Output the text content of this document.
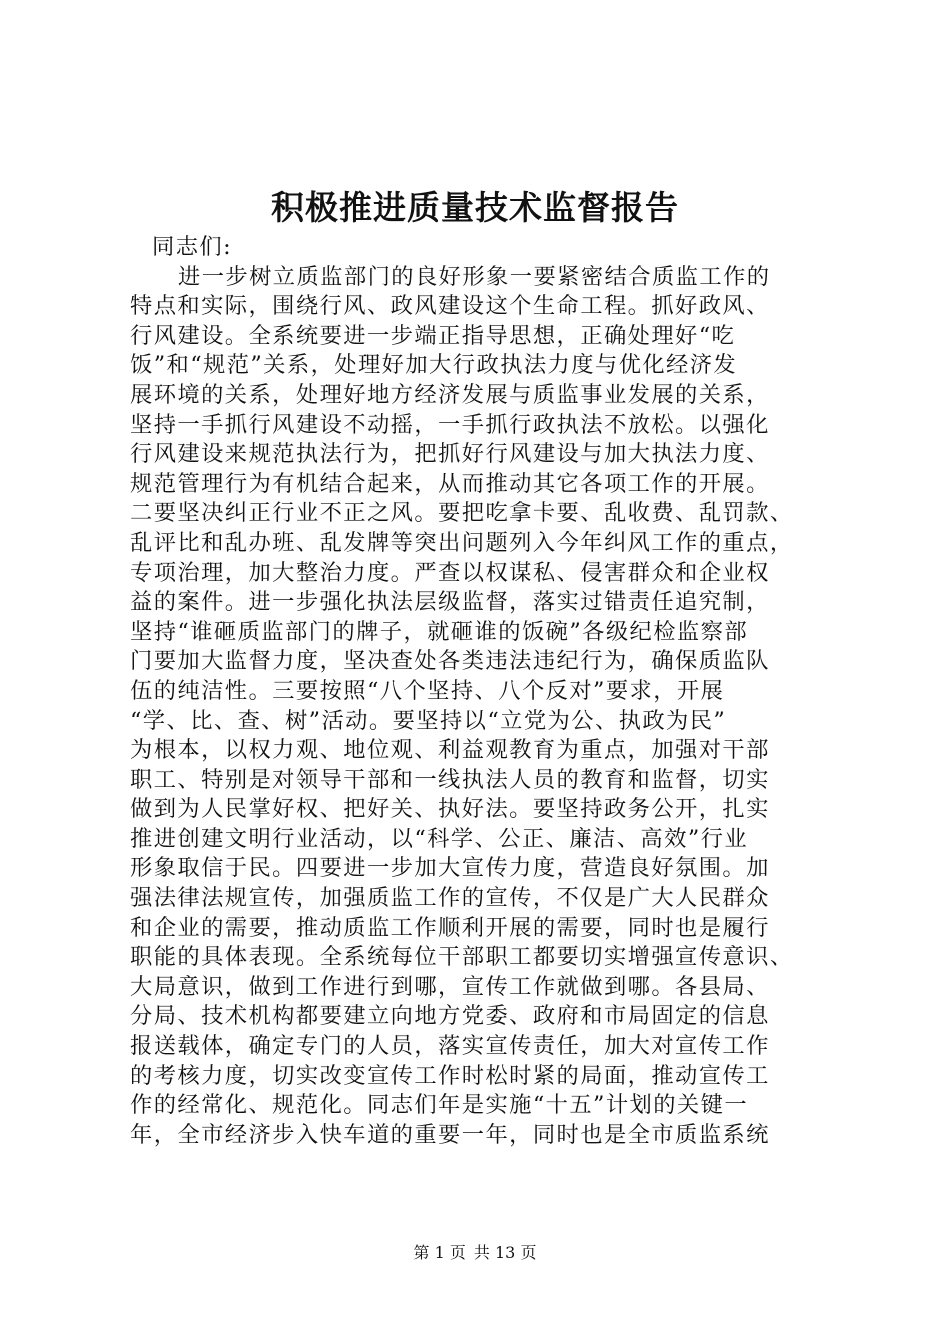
积极推进质量技术监督报告
同志们:
进一步树立质监部门的良好形象一要紧密结合质监工作的
特点和实际，围绕行风、政风建设这个生命工程。抓好政风、
行风建设。全系统要进一步端正指导思想，正确处理好“吃
饭”和“规范”关系，处理好加大行政执法力度与优化经济发
展环境的关系，处理好地方经济发展与质监事业发展的关系，
坚持一手抓行风建设不动摇，一手抓行政执法不放松。以强化
行风建设来规范执法行为，把抓好行风建设与加大执法力度、
规范管理行为有机结合起来，从而推动其它各项工作的开展。
二要坚决纠正行业不正之风。要把吃拿卡要、乱收费、乱罚款、
乱评比和乱办班、乱发牌等突出问题列入今年纠风工作的重点，
专项治理，加大整治力度。严查以权谋私、侵害群众和企业权
益的案件。进一步强化执法层级监督，落实过错责任追究制，
坚持“谁砸质监部门的牌子，就砸谁的饭碗”各级纪检监察部
门要加大监督力度，坚决查处各类违法违纪行为，确保质监队
伍的纯洁性。三要按照“八个坚持、八个反对”要求，开展
“学、比、查、树”活动。要坚持以“立党为公、执政为民”
为根本，以权力观、地位观、利益观教育为重点，加强对干部
职工、特别是对领导干部和一线执法人员的教育和监督，切实
做到为人民掌好权、把好关、执好法。要坚持政务公开，扎实
推进创建文明行业活动，以“科学、公正、廉洁、高效”行业
形象取信于民。四要进一步加大宣传力度，营造良好氛围。加
强法律法规宣传，加强质监工作的宣传，不仅是广大人民群众
和企业的需要，推动质监工作顺利开展的需要，同时也是履行
职能的具体表现。全系统每位干部职工都要切实增强宣传意识、
大局意识，做到工作进行到哪，宣传工作就做到哪。各县局、
分局、技术机构都要建立向地方党委、政府和市局固定的信息
报送载体，确定专门的人员，落实宣传责任，加大对宣传工作
的考核力度，切实改变宣传工作时松时紧的局面，推动宣传工
作的经常化、规范化。同志们年是实施“十五”计划的关键一
年，全市经济步入快车道的重要一年，同时也是全市质监系统
第 1 页 共 13 页
